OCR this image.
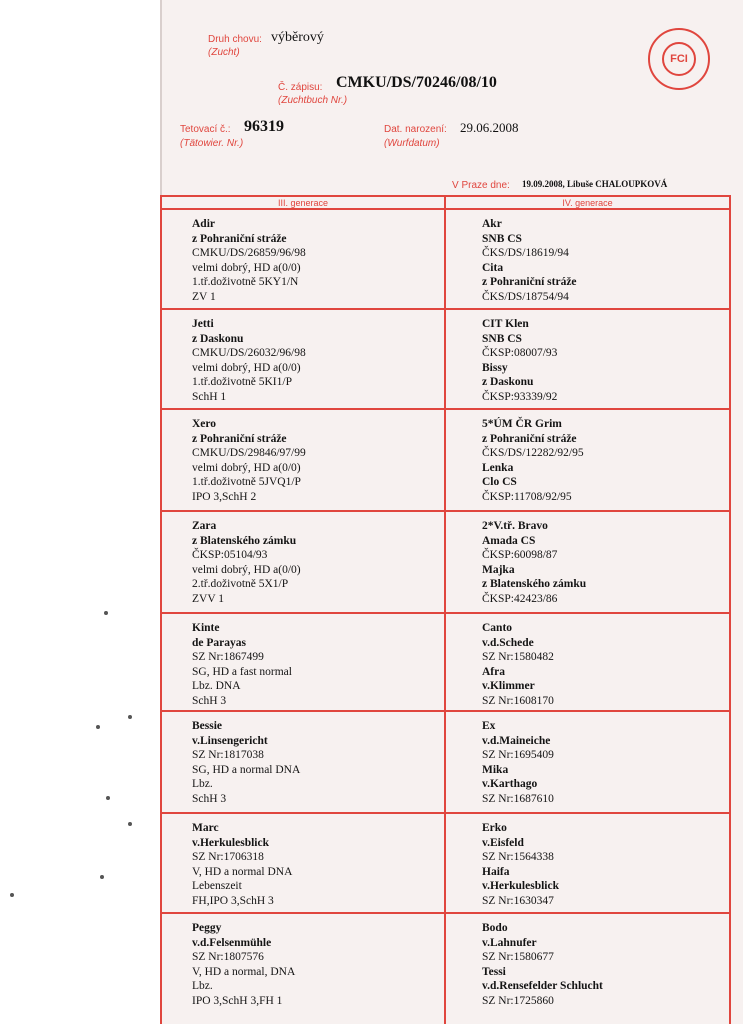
Druh chovu:
(Zucht)
výběrový
Č. zápisu:
(Zuchtbuch Nr.)
CMKU/DS/70246/08/10
Tetovací č.:
(Tätowier. Nr.)
96319	Dat. narození:
(Wurfdatum)
29.06.2008
V Praze dne: 19.09.2008, Libuše CHALOUPKOVÁ
FCI
III. generace	IV. generace
Adir
z Pohraniční stráže
CMKU/DS/26859/96/98
velmi dobrý, HD a(0/0)
1.tř.doživotně 5KY1/N
ZV 1
Akr
SNB CS
ČKS/DS/18619/94
Cita
z Pohraniční stráže
ČKS/DS/18754/94
Jetti
z Daskonu
CMKU/DS/26032/96/98
velmi dobrý, HD a(0/0)
1.tř.doživotně 5KI1/P
SchH 1
CIT Klen
SNB CS
ČKSP:08007/93
Bissy
z Daskonu
ČKSP:93339/92
Xero
z Pohraniční stráže
CMKU/DS/29846/97/99
velmi dobrý, HD a(0/0)
1.tř.doživotně 5JVQ1/P
IPO 3,SchH 2
5*ÚM ČR Grim
z Pohraniční stráže
ČKS/DS/12282/92/95
Lenka
Clo CS
ČKSP:11708/92/95
Zara
z Blatenského zámku
ČKSP:05104/93
velmi dobrý, HD a(0/0)
2.tř.doživotně 5X1/P
ZVV 1
2*V.tř. Bravo
Amada CS
ČKSP:60098/87
Majka
z Blatenského zámku
ČKSP:42423/86
Kinte
de Parayas
SZ Nr:1867499
SG, HD a fast normal
Lbz. DNA
SchH 3
Canto
v.d.Schede
SZ Nr:1580482
Afra
v.Klimmer
SZ Nr:1608170
Bessie
v.Linsengericht
SZ Nr:1817038
SG, HD a normal DNA
Lbz.
SchH 3
Ex
v.d.Maineiche
SZ Nr:1695409
Mika
v.Karthago
SZ Nr:1687610
Marc
v.Herkulesblick
SZ Nr:1706318
V, HD a normal DNA
Lebenszeit
FH,IPO 3,SchH 3
Erko
v.Eisfeld
SZ Nr:1564338
Haifa
v.Herkulesblick
SZ Nr:1630347
Peggy
v.d.Felsenmühle
SZ Nr:1807576
V, HD a normal, DNA
Lbz.
IPO 3,SchH 3,FH 1
Bodo
v.Lahnufer
SZ Nr:1580677
Tessi
v.d.Rensefelder Schlucht
SZ Nr:1725860
